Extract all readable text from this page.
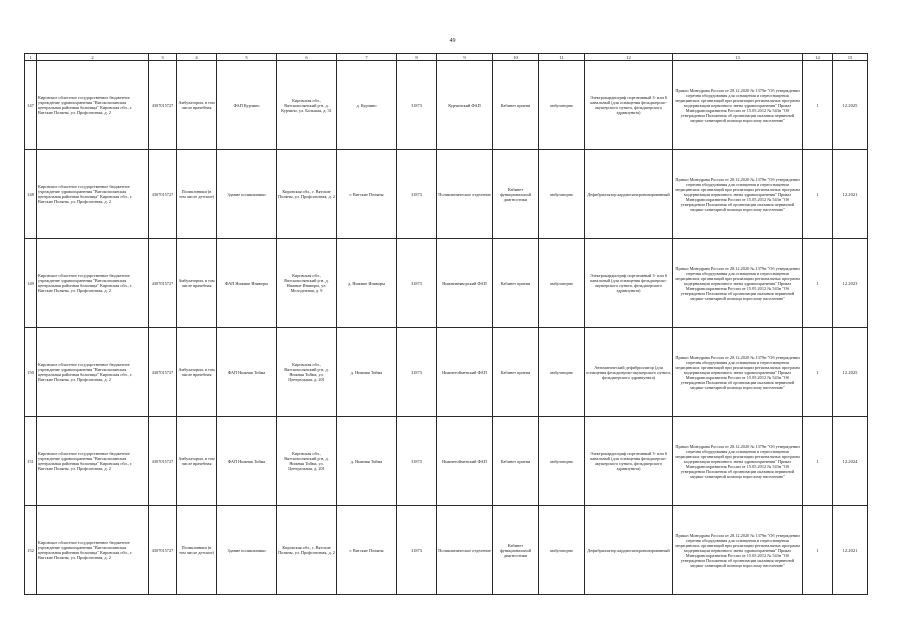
49
1	2	3	4	5	6	7	8	9	10	11	12	13	14	15
147	Кировское областное государственное бюджетное учреждение здравоохранения "Вятскополянская центральная районная больница" Кировская обл., г. Вятские Поляны, ул. Профсоюзная, д. 2	4307015727	Амбулатории, в том числе врачебная	ФАП Курчино	Кировская обл., Вятскополянский р-н, д. Курчино, ул. Большая, д. 31	д. Курчино	31873	Курчинский ФАП	Кабинет приема	амбулаторно	Электрокардиограф портативный 3- или 6 канальный (для оснащения фельдшерско-акушерского пункта, фельдшерского здравпункта)	Приказ Минздрава России от 28.12.2020 № 1379н "Об утверждении перечня оборудования для оснащения и переоснащения медицинских организаций при реализации региональных программ модернизации первичного звена здравоохранения" Приказ Минздравсоцразвития России от 15.05.2012 № 543н "Об утверждении Положения об организации оказания первичной медико-санитарной помощи взрослому населению"	1	12.2025
148	Кировское областное государственное бюджетное учреждение здравоохранения "Вятскополянская центральная районная больница" Кировская обл., г. Вятские Поляны, ул. Профсоюзная, д. 2	4307015727	Поликлиники (в том числе детские)	Здание поликлиники	Кировская обл., г. Вятские Поляны, ул. Профсоюзная, д. 2	г. Вятские Поляны	31873	Поликлиническое отделение	Кабинет функциональной диагностики	амбулаторно	Дефибриллятор кардиосинхронизированный	Приказ Минздрава России от 28.12.2020 № 1379н "Об утверждении перечня оборудования для оснащения и переоснащения медицинских организаций при реализации региональных программ модернизации первичного звена здравоохранения" Приказ Минздравсоцразвития России от 15.05.2012 № 543н "Об утверждении Положения об организации оказания первичной медико-санитарной помощи взрослому населению"	1	12.2021
149	Кировское областное государственное бюджетное учреждение здравоохранения "Вятскополянская центральная районная больница" Кировская обл., г. Вятские Поляны, ул. Профсоюзная, д. 2	4307015727	Амбулатории, в том числе врачебная	ФАП Нижние Иняворы	Кировская обл., Вятскополянский р-н, д. Нижние Иняворы, ул. Молодежная, д. 9	д. Нижние Иняворы	31873	Нижнеиняворский ФАП	Кабинет приема	амбулаторно	Электрокардиограф портативный 3- или 6 канальный (для оснащения фельдшерско-акушерского пункта, фельдшерского здравпункта)	Приказ Минздрава России от 28.12.2020 № 1379н "Об утверждении перечня оборудования для оснащения и переоснащения медицинских организаций при реализации региональных программ модернизации первичного звена здравоохранения" Приказ Минздравсоцразвития России от 15.05.2012 № 543н "Об утверждении Положения об организации оказания первичной медико-санитарной помощи взрослому населению"	1	12.2023
150	Кировское областное государственное бюджетное учреждение здравоохранения "Вятскополянская центральная районная больница" Кировская обл., г. Вятские Поляны, ул. Профсоюзная, д. 2	4307015727	Амбулатории, в том числе врачебная	ФАП Нижняя Тойма	Кировская обл., Вятскополянский р-н, д. Нижняя Тойма, ул. Центральная, д. 201	д. Нижняя Тойма	31873	Нижнетойменский ФАП	Кабинет приема	амбулаторно	Автоматический дефибриллятор (для оснащения фельдшерско-акушерского пункта, фельдшерского здравпункта)	Приказ Минздрава России от 28.12.2020 № 1379н "Об утверждении перечня оборудования для оснащения и переоснащения медицинских организаций при реализации региональных программ модернизации первичного звена здравоохранения" Приказ Минздравсоцразвития России от 15.05.2012 № 543н "Об утверждении Положения об организации оказания первичной медико-санитарной помощи взрослому населению"	1	12.2025
151	Кировское областное государственное бюджетное учреждение здравоохранения "Вятскополянская центральная районная больница" Кировская обл., г. Вятские Поляны, ул. Профсоюзная, д. 2	4307015727	Амбулатории, в том числе врачебная	ФАП Нижняя Тойма	Кировская обл., Вятскополянский р-н, д. Нижняя Тойма, ул. Центральная, д. 201	д. Нижняя Тойма	31873	Нижнетойменский ФАП	Кабинет приема	амбулаторно	Электрокардиограф портативный 3- или 6 канальный (для оснащения фельдшерско-акушерского пункта, фельдшерского здравпункта)	Приказ Минздрава России от 28.12.2020 № 1379н "Об утверждении перечня оборудования для оснащения и переоснащения медицинских организаций при реализации региональных программ модернизации первичного звена здравоохранения" Приказ Минздравсоцразвития России от 15.05.2012 № 543н "Об утверждении Положения об организации оказания первичной медико-санитарной помощи взрослому населению"	1	12.2024
152	Кировское областное государственное бюджетное учреждение здравоохранения "Вятскополянская центральная районная больница" Кировская обл., г. Вятские Поляны, ул. Профсоюзная, д. 2	4307015727	Поликлиники (в том числе детские)	Здание поликлиники	Кировская обл., г. Вятские Поляны, ул. Профсоюзная, д. 2	г. Вятские Поляны	31873	Поликлиническое отделение	Кабинет функциональной диагностики	амбулаторно	Дефибриллятор кардиосинхронизированный	Приказ Минздрава России от 28.12.2020 № 1379н "Об утверждении перечня оборудования для оснащения и переоснащения медицинских организаций при реализации региональных программ модернизации первичного звена здравоохранения" Приказ Минздравсоцразвития России от 15.05.2012 № 543н "Об утверждении Положения об организации оказания первичной медико-санитарной помощи взрослому населению"	1	12.2021
